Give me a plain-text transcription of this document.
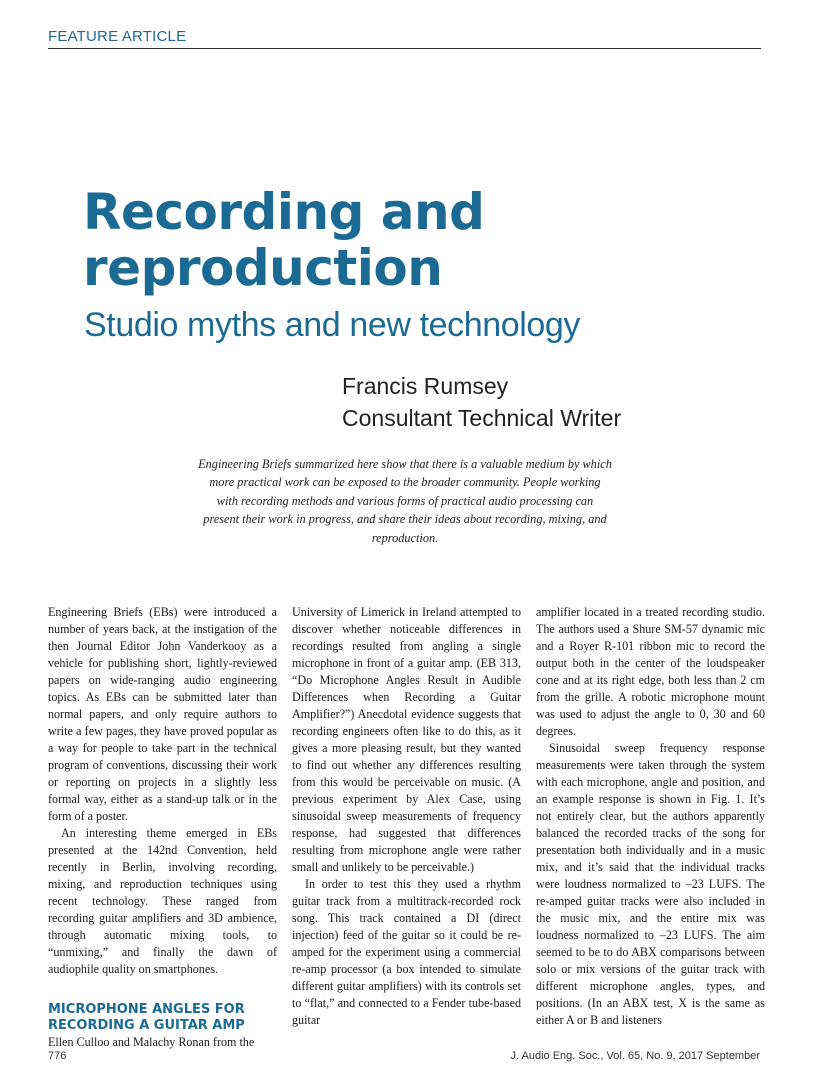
FEATURE ARTICLE
Recording and reproduction
Studio myths and new technology
Francis Rumsey
Consultant Technical Writer
Engineering Briefs summarized here show that there is a valuable medium by which more practical work can be exposed to the broader community. People working with recording methods and various forms of practical audio processing can present their work in progress, and share their ideas about recording, mixing, and reproduction.

Engineering Briefs (EBs) were introduced a number of years back, at the instigation of the then Journal Editor John Vanderkooy as a vehicle for publishing short, lightly-reviewed papers on wide-ranging audio engineering topics. As EBs can be submitted later than normal papers, and only require authors to write a few pages, they have proved popular as a way for people to take part in the technical program of conventions, discussing their work or reporting on projects in a slightly less formal way, either as a stand-up talk or in the form of a poster.

An interesting theme emerged in EBs presented at the 142nd Convention, held recently in Berlin, involving recording, mixing, and reproduction techniques using recent technology. These ranged from recording guitar amplifiers and 3D ambience, through automatic mixing tools, to “unmixing,” and finally the dawn of audiophile quality on smartphones.

MICROPHONE ANGLES FOR RECORDING A GUITAR AMP

Ellen Culloo and Malachy Ronan from the

University of Limerick in Ireland attempted to discover whether noticeable differences in recordings resulted from angling a single microphone in front of a guitar amp. (EB 313, “Do Microphone Angles Result in Audible Differences when Recording a Guitar Amplifier?”) Anecdotal evidence suggests that recording engineers often like to do this, as it gives a more pleasing result, but they wanted to find out whether any differences resulting from this would be perceivable on music. (A previous experiment by Alex Case, using sinusoidal sweep measurements of frequency response, had suggested that differences resulting from microphone angle were rather small and unlikely to be perceivable.)

In order to test this they used a rhythm guitar track from a multitrack-recorded rock song. This track contained a DI (direct injection) feed of the guitar so it could be re-amped for the experiment using a commercial re-amp processor (a box intended to simulate different guitar amplifiers) with its controls set to “flat,” and connected to a Fender tube-based guitar

amplifier located in a treated recording studio. The authors used a Shure SM-57 dynamic mic and a Royer R-101 ribbon mic to record the output both in the center of the loudspeaker cone and at its right edge, both less than 2 cm from the grille. A robotic microphone mount was used to adjust the angle to 0, 30 and 60 degrees.

Sinusoidal sweep frequency response measurements were taken through the system with each microphone, angle and position, and an example response is shown in Fig. 1. It’s not entirely clear, but the authors apparently balanced the recorded tracks of the song for presentation both individually and in a music mix, and it’s said that the individual tracks were loudness normalized to –23 LUFS. The re-amped guitar tracks were also included in the music mix, and the entire mix was loudness normalized to –23 LUFS. The aim seemed to be to do ABX comparisons between solo or mix versions of the guitar track with different microphone angles, types, and positions. (In an ABX test, X is the same as either A or B and listeners

776	J. Audio Eng. Soc., Vol. 65, No. 9, 2017 September
